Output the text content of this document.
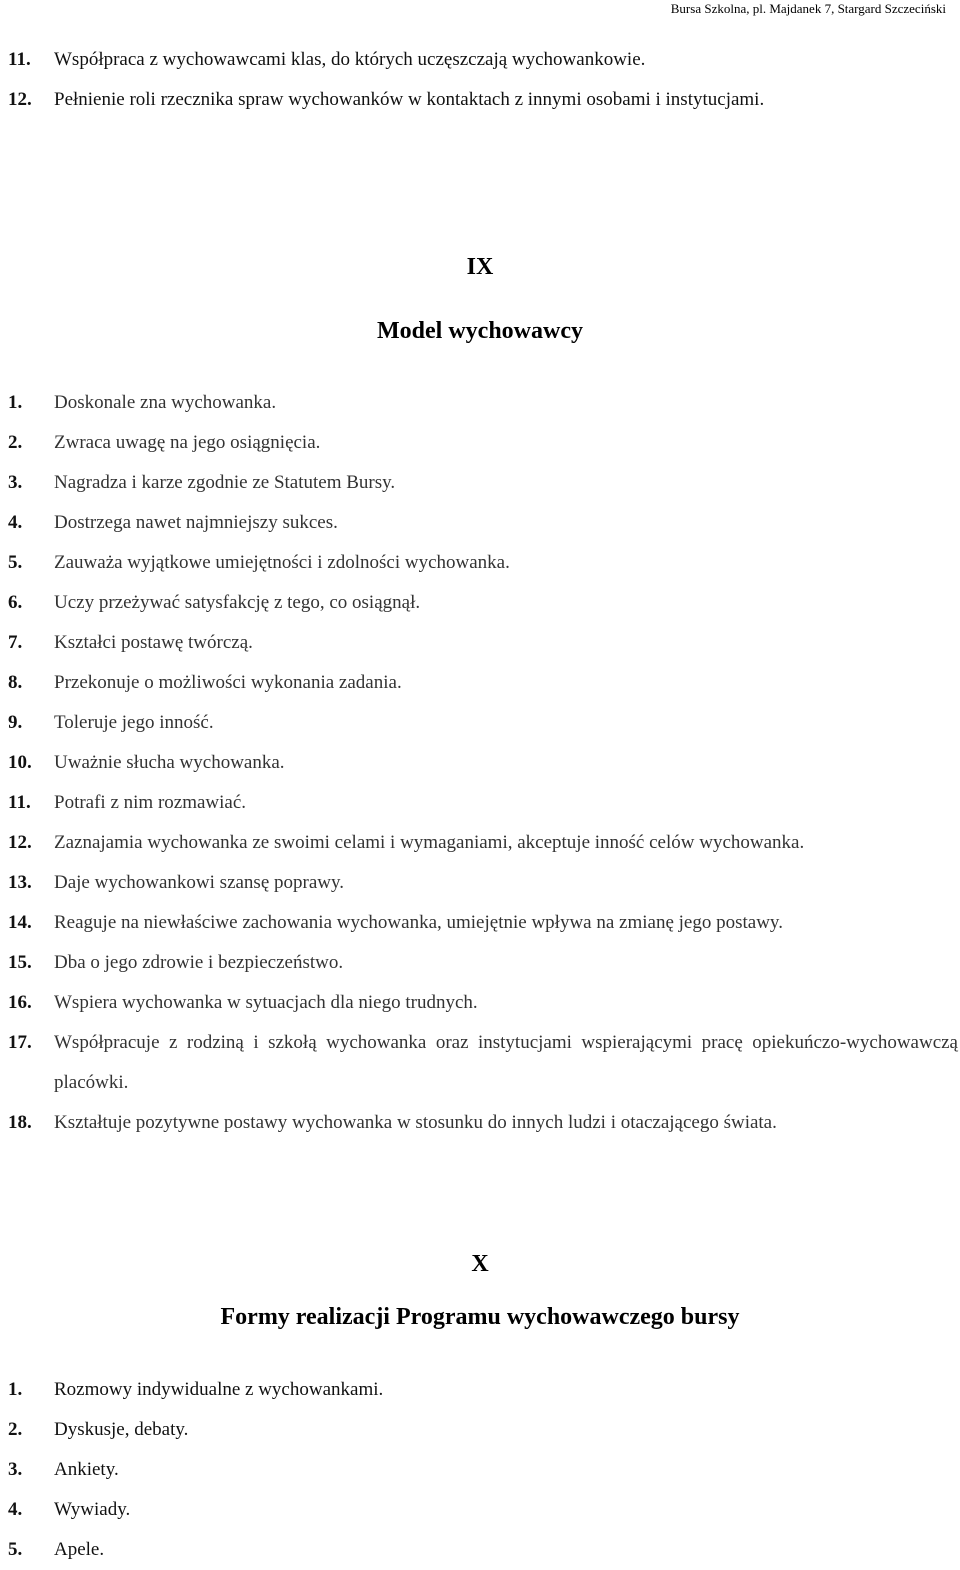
Bursa Szkolna, pl. Majdanek 7, Stargard Szczeciński
11.	Współpraca z wychowawcami klas, do których uczęszczają wychowankowie.
12.	Pełnienie roli rzecznika spraw wychowanków w kontaktach z innymi osobami i instytucjami.
IX
Model wychowawcy
1.	Doskonale zna wychowanka.
2.	Zwraca uwagę na jego osiągnięcia.
3.	Nagradza i karze zgodnie ze Statutem Bursy.
4.	Dostrzega nawet najmniejszy sukces.
5.	Zauważa wyjątkowe umiejętności i zdolności wychowanka.
6.	Uczy przeżywać satysfakcję z tego, co osiągnął.
7.	Kształci postawę twórczą.
8.	Przekonuje o możliwości wykonania zadania.
9.	Toleruje jego inność.
10.	Uważnie słucha wychowanka.
11.	Potrafi z nim rozmawiać.
12.	Zaznajamia wychowanka ze swoimi celami i wymaganiami, akceptuje inność celów wychowanka.
13.	Daje wychowankowi szansę poprawy.
14.	Reaguje na niewłaściwe zachowania wychowanka, umiejętnie wpływa na zmianę jego postawy.
15.	Dba o jego zdrowie i bezpieczeństwo.
16.	Wspiera wychowanka w sytuacjach dla niego trudnych.
17.	Współpracuje z rodziną i szkołą wychowanka oraz instytucjami wspierającymi pracę opiekuńczo-wychowawczą placówki.
18.	Kształtuje pozytywne postawy wychowanka w stosunku do innych ludzi i otaczającego świata.
X
Formy realizacji Programu wychowawczego bursy
1.	Rozmowy indywidualne z wychowankami.
2.	Dyskusje, debaty.
3.	Ankiety.
4.	Wywiady.
5.	Apele.
